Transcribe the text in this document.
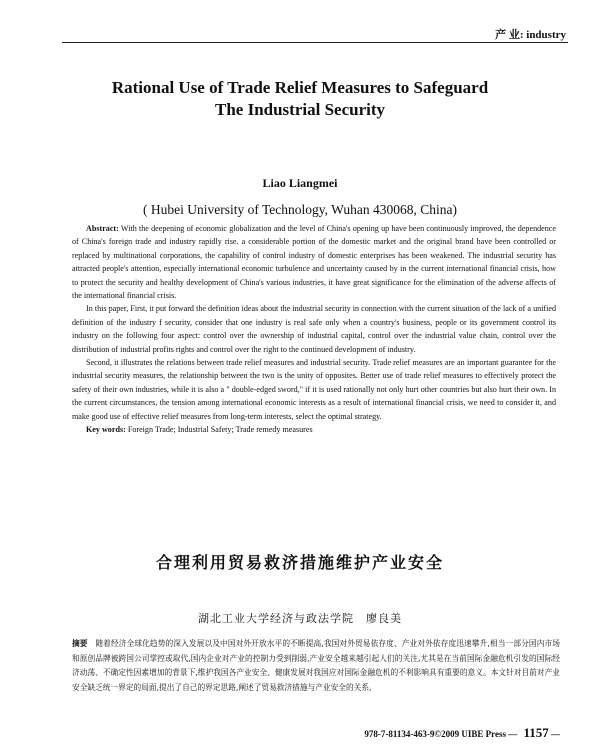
产 业: industry
Rational Use of Trade Relief Measures to Safeguard
The Industrial Security
Liao Liangmei
( Hubei University of Technology, Wuhan 430068, China)

Abstract: With the deepening of economic globalization and the level of China's opening up have been continuously improved, the dependence of China's foreign trade and industry rapidly rise. a considerable portion of the domestic market and the original brand have been controlled or replaced by multinational corporations, the capability of control industry of domestic enterprises has been weakened. The industrial security has attracted people's attention, especially international economic turbulence and uncertainty caused by in the current international financial crisis, how to protect the security and healthy development of China's various industries, it have great significance for the elimination of the adverse affects of the international financial crisis.

In this paper, First, it put forward the definition ideas about the industrial security in connection with the current situation of the lack of a unified definition of the industry f security, consider that one industry is real safe only when a country's business, people or its government control its industry on the following four aspect: control over the ownership of industrial capital, control over the industrial value chain, control over the distribution of industrial profits rights and control over the right to the continued development of industry.

Second, it illustrates the relations between trade relief measures and industrial security. Trade relief measures are an important guarantee for the industrial security measures, the relationship between the two is the unity of opposites. Better use of trade relief measures to effectively protect the safety of their own industries, while it is also a " double-edged sword," if it is used rationally not only hurt other countries but also hurt their own. In the current circumstances, the tension among international economic interests as a result of international financial crisis, we need to consider it, and make good use of effective relief measures from long-term interests, select the optimal strategy.

Key words: Foreign Trade; Industrial Safety; Trade remedy measures

合理利用贸易救济措施维护产业安全
湖北工业大学经济与政法学院　廖良美

摘要　 随着经济全球化趋势的深入发展以及中国对外开放水平的不断提高,我国对外贸易依存度、产业对外依存度迅速攀升,相当一部分国内市场和原创品牌被跨国公司掌控或取代,国内企业对产业的控制力受到削弱,产业安全越来越引起人们的关注,尤其是在当前国际金融危机引发的国际经济动荡、不确定性因素增加的背景下,维护我国各产业安全、健康发展对我国应对国际金融危机的不利影响具有重要的意义。本文针对目前对产业安全缺乏统一界定的局面,提出了自己的界定思路,阐述了贸易救济措施与产业安全的关系,

978-7-81134-463-9©2009 UIBE Press — 1157 —
